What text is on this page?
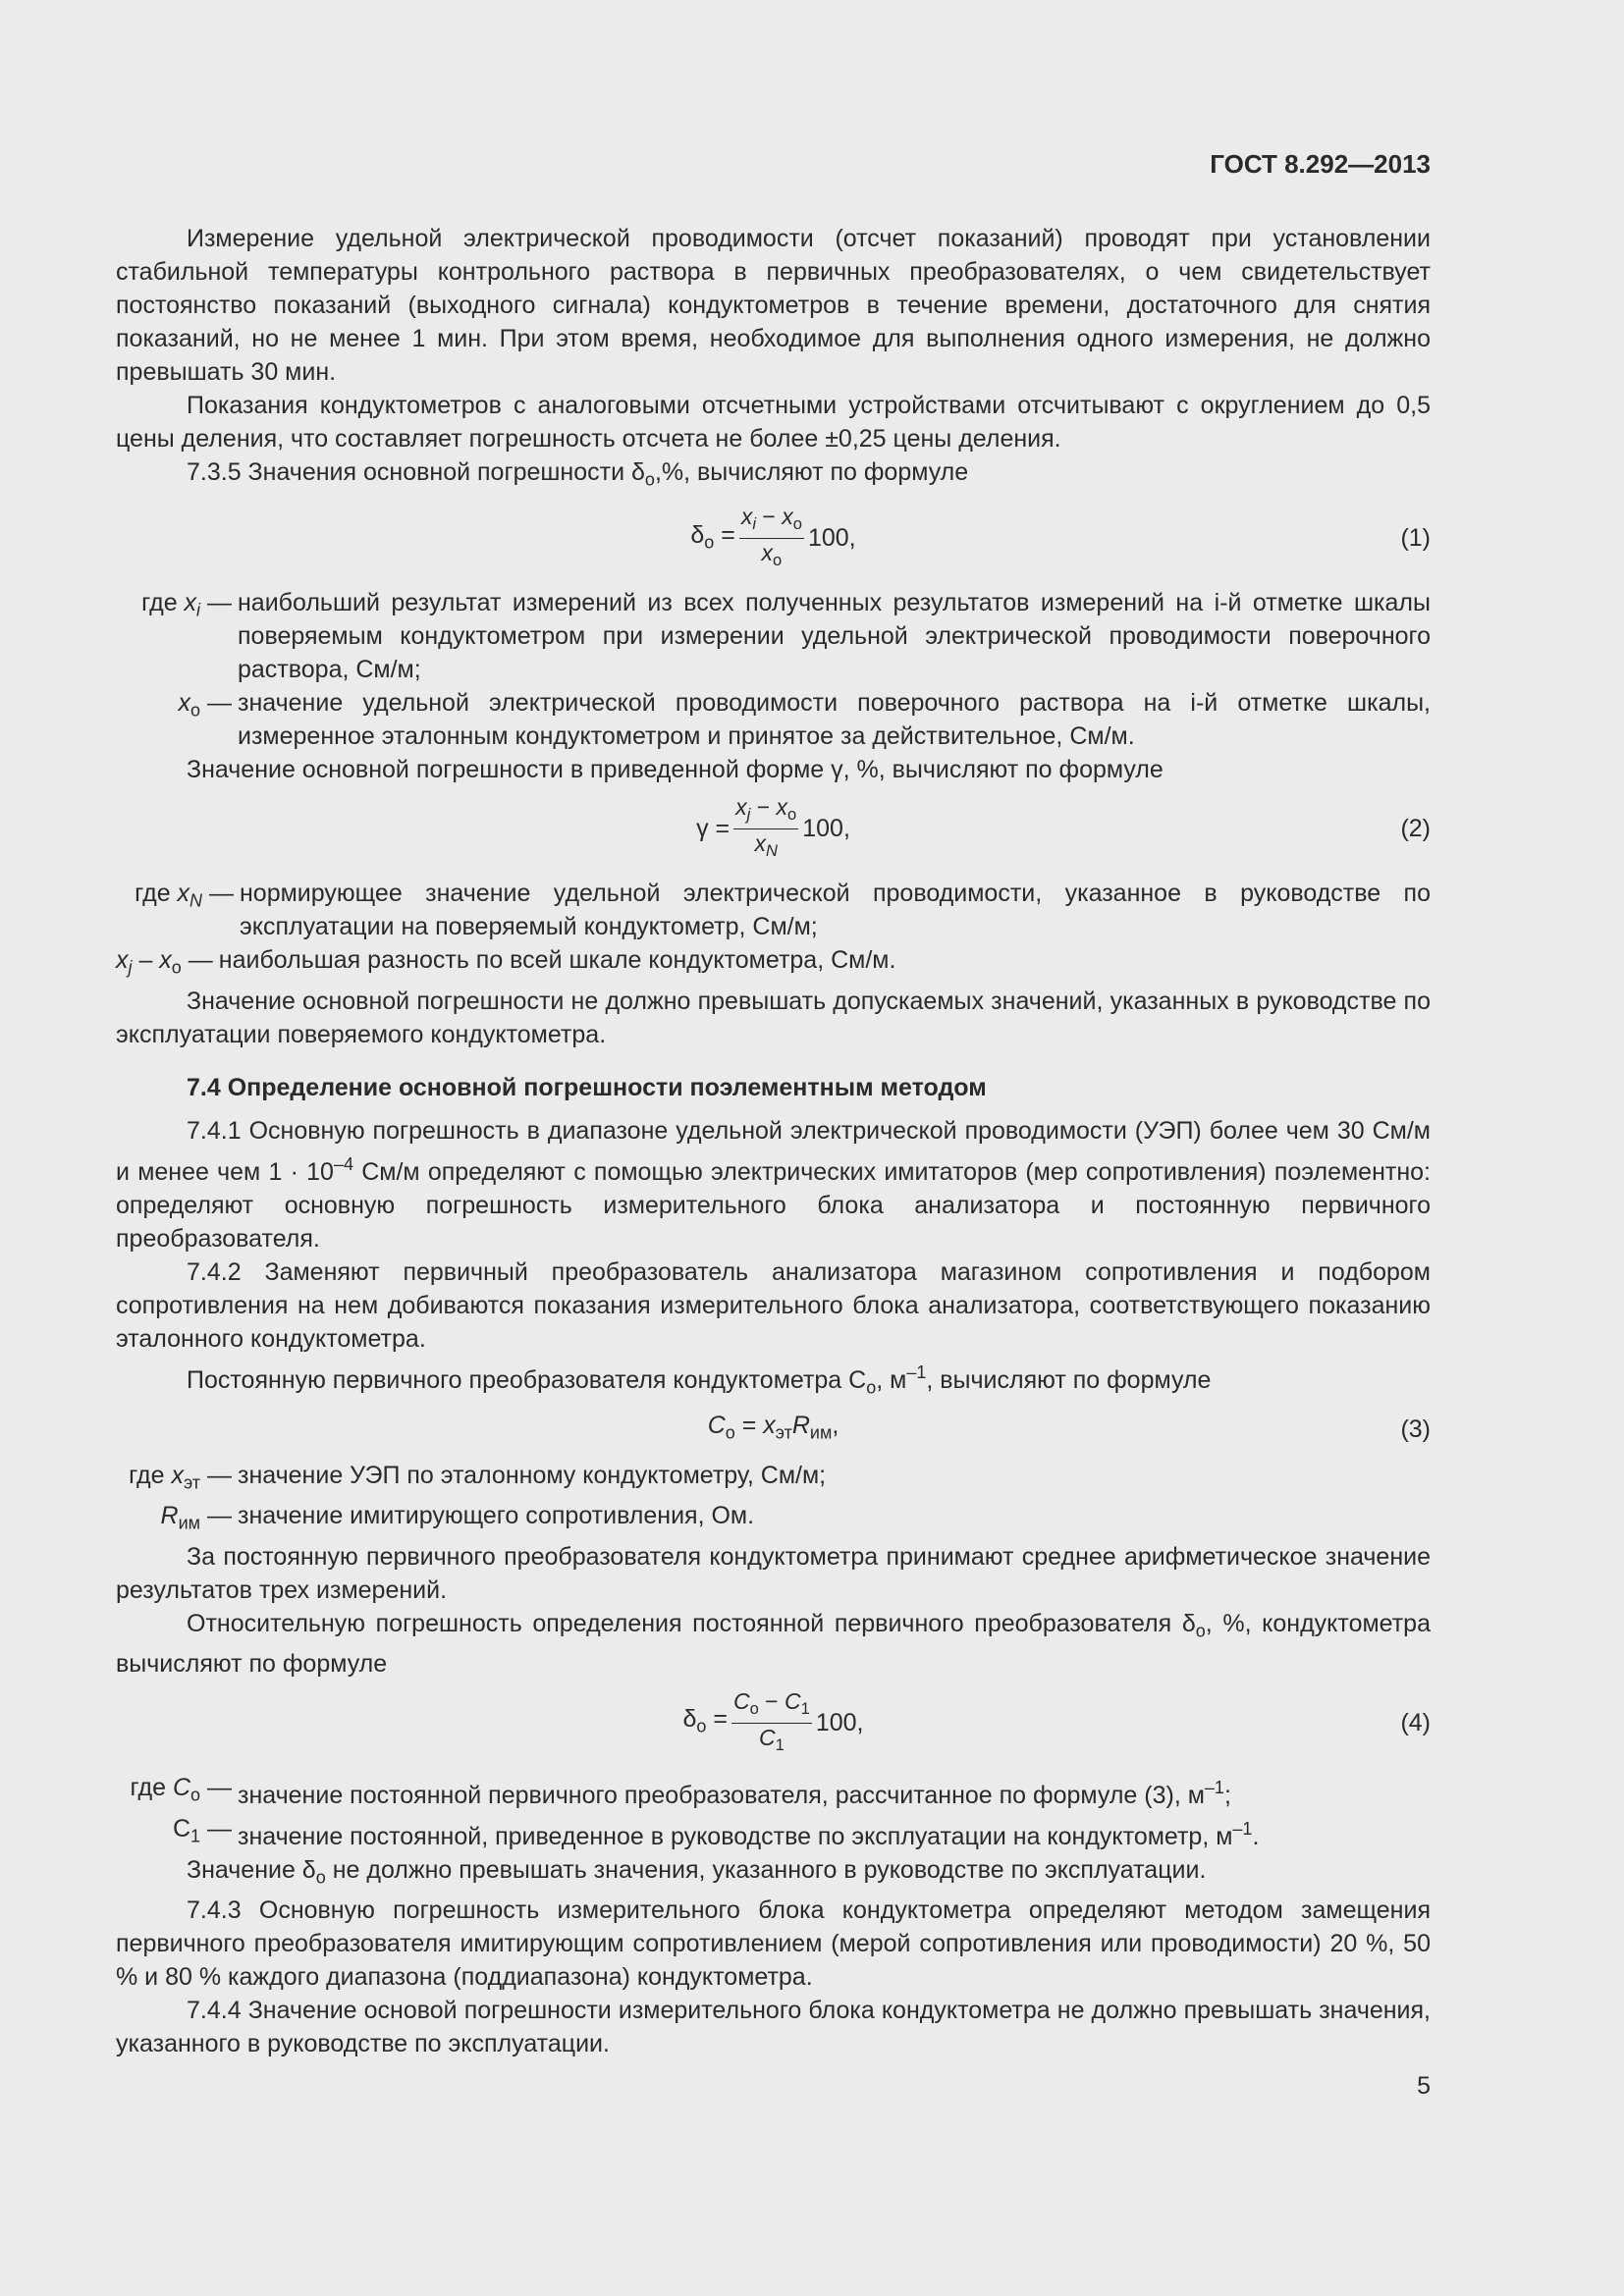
ГОСТ 8.292—2013

Измерение удельной электрической проводимости (отсчет показаний) проводят при установлении стабильной температуры контрольного раствора в первичных преобразователях, о чем свидетельствует постоянство показаний (выходного сигнала) кондуктометров в течение времени, достаточного для снятия показаний, но не менее 1 мин. При этом время, необходимое для выполнения одного измерения, не должно превышать 30 мин.

Показания кондуктометров с аналоговыми отсчетными устройствами отсчитывают с округлением до 0,5 цены деления, что составляет погрешность отсчета не более ±0,25 цены деления.

7.3.5 Значения основной погрешности $\delta_о,\%$, вычисляют по формуле

$\delta_о = \frac{x_i - x_о}{x_о} 100$,	(1)
где $x_i$ — наибольший результат измерений из всех полученных результатов измерений на i-й отметке шкалы поверяемым кондуктометром при измерении удельной электрической проводимости поверочного раствора, См/м;
$x_о$ — значение удельной электрической проводимости поверочного раствора на i-й отметке шкалы, измеренное эталонным кондуктометром и принятое за действительное, См/м.

Значение основной погрешности в приведенной форме γ, %, вычисляют по формуле

$\gamma = \frac{x_j - x_о}{x_N} 100$,	(2)
где $x_N$ — нормирующее значение удельной электрической проводимости, указанное в руководстве по эксплуатации на поверяемый кондуктометр, См/м;
$x_j - x_о$ — наибольшая разность по всей шкале кондуктометра, См/м.

Значение основной погрешности не должно превышать допускаемых значений, указанных в руководстве по эксплуатации поверяемого кондуктометра.

7.4 Определение основной погрешности поэлементным методом

7.4.1 Основную погрешность в диапазоне удельной электрической проводимости (УЭП) более чем 30 См/м и менее чем $1 \cdot 10^{-4}$ См/м определяют с помощью электрических имитаторов (мер сопротивления) поэлементно: определяют основную погрешность измерительного блока анализатора и постоянную первичного преобразователя.

7.4.2 Заменяют первичный преобразователь анализатора магазином сопротивления и подбором сопротивления на нем добиваются показания измерительного блока анализатора, соответствующего показанию эталонного кондуктометра.

Постоянную первичного преобразователя кондуктометра $C_о$, $м^{-1}$, вычисляют по формуле

$C_о = x_{эт}R_{им}$,	(3)
где $x_{эт}$ — значение УЭП по эталонному кондуктометру, См/м;
$R_{им}$ — значение имитирующего сопротивления, Ом.

За постоянную первичного преобразователя кондуктометра принимают среднее арифметическое значение результатов трех измерений.

Относительную погрешность определения постоянной первичного преобразователя $\delta_о$, %, кондуктометра вычисляют по формуле

$\delta_о = \frac{C_о - C_1}{C_1} 100$,	(4)
где $C_о$ — значение постоянной первичного преобразователя, рассчитанное по формуле (3), $м^{-1}$;
$C_1$ — значение постоянной, приведенное в руководстве по эксплуатации на кондуктометр, $м^{-1}$.

Значение $\delta_о$ не должно превышать значения, указанного в руководстве по эксплуатации.

7.4.3 Основную погрешность измерительного блока кондуктометра определяют методом замещения первичного преобразователя имитирующим сопротивлением (мерой сопротивления или проводимости) 20 %, 50 % и 80 % каждого диапазона (поддиапазона) кондуктометра.

7.4.4 Значение основой погрешности измерительного блока кондуктометра не должно превышать значения, указанного в руководстве по эксплуатации.

5
